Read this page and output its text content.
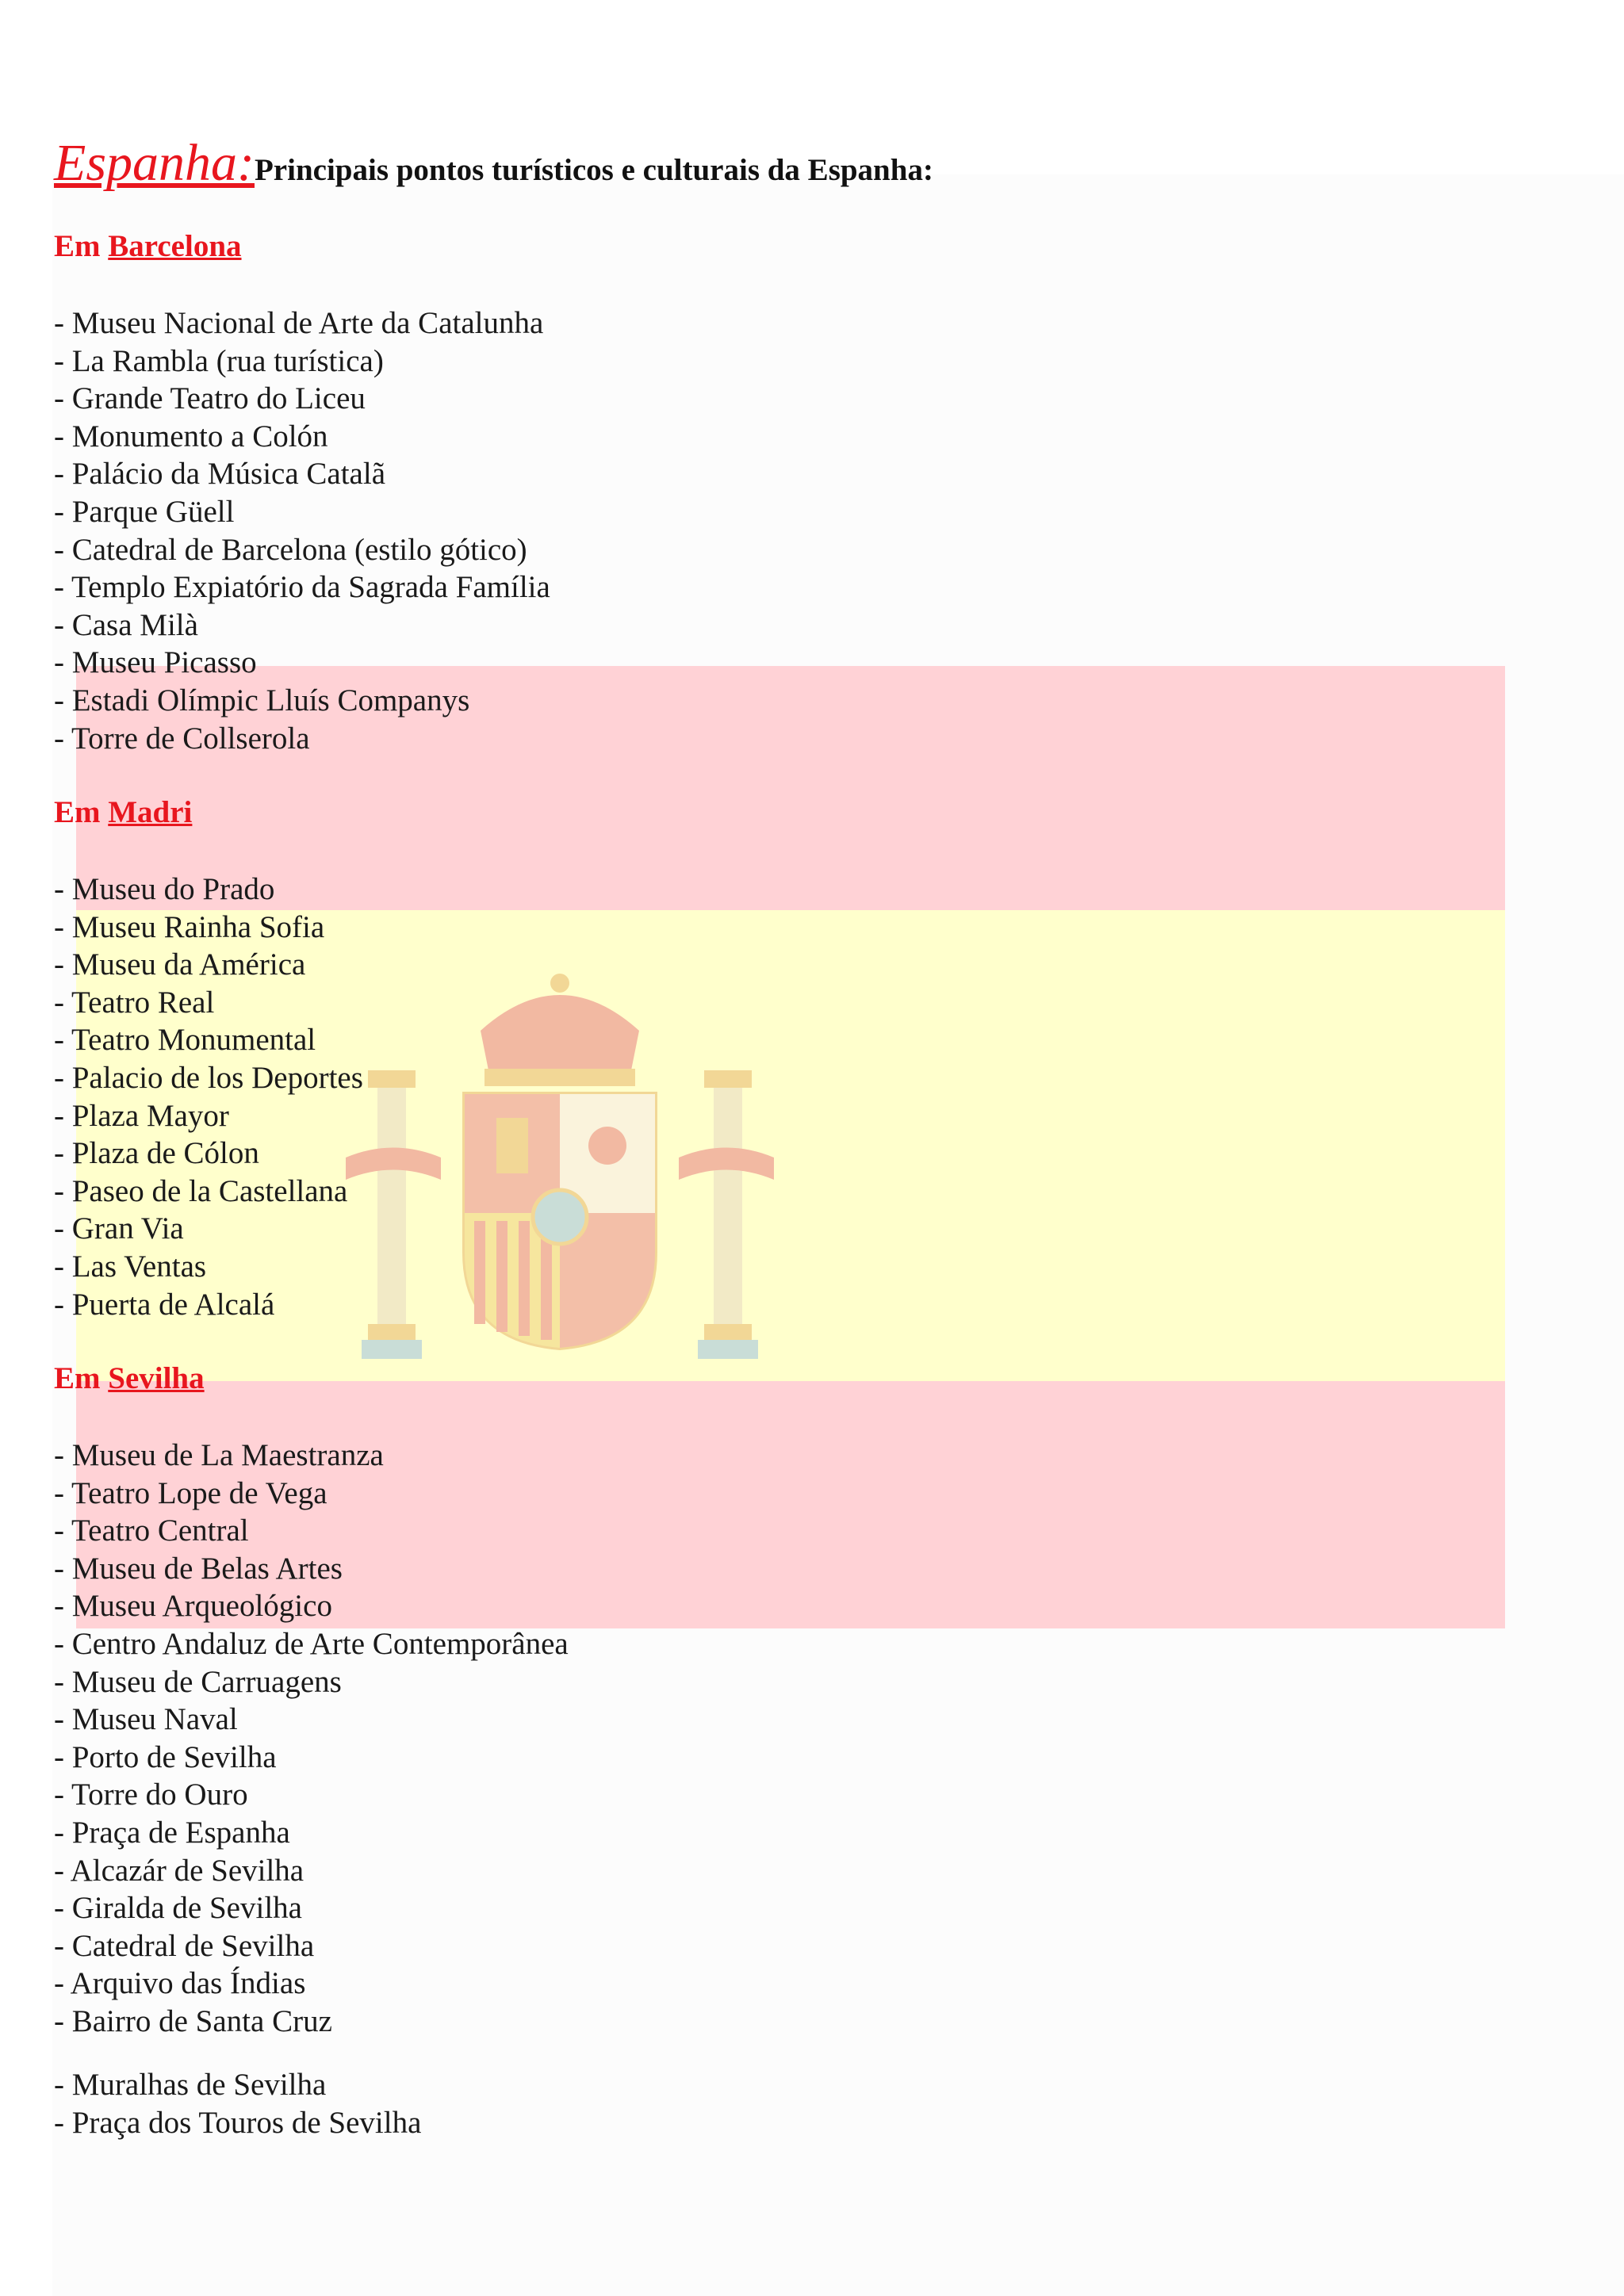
Espanha:Principais pontos turísticos e culturais da Espanha:
Em Barcelona
- Museu Nacional de Arte da Catalunha
- La Rambla (rua turística)
- Grande Teatro do Liceu
- Monumento a Colón
- Palácio da Música Catalã
- Parque Güell
- Catedral de Barcelona (estilo gótico)
- Templo Expiatório da Sagrada Família
- Casa Milà
- Museu Picasso
- Estadi Olímpic Lluís Companys
- Torre de Collserola
Em Madri
- Museu do Prado
- Museu Rainha Sofia
- Museu da América
- Teatro Real
- Teatro Monumental
- Palacio de los Deportes
- Plaza Mayor
- Plaza de Cólon
- Paseo de la Castellana
- Gran Via
- Las Ventas
- Puerta de Alcalá
Em Sevilha
- Museu de La Maestranza
- Teatro Lope de Vega
- Teatro Central
- Museu de Belas Artes
- Museu Arqueológico
- Centro Andaluz de Arte Contemporânea
- Museu de Carruagens
- Museu Naval
- Porto de Sevilha
- Torre do Ouro
- Praça de Espanha
- Alcazár de Sevilha
- Giralda de Sevilha
- Catedral de Sevilha
- Arquivo das Índias
- Bairro de Santa Cruz
- Muralhas de Sevilha
- Praça dos Touros de Sevilha
